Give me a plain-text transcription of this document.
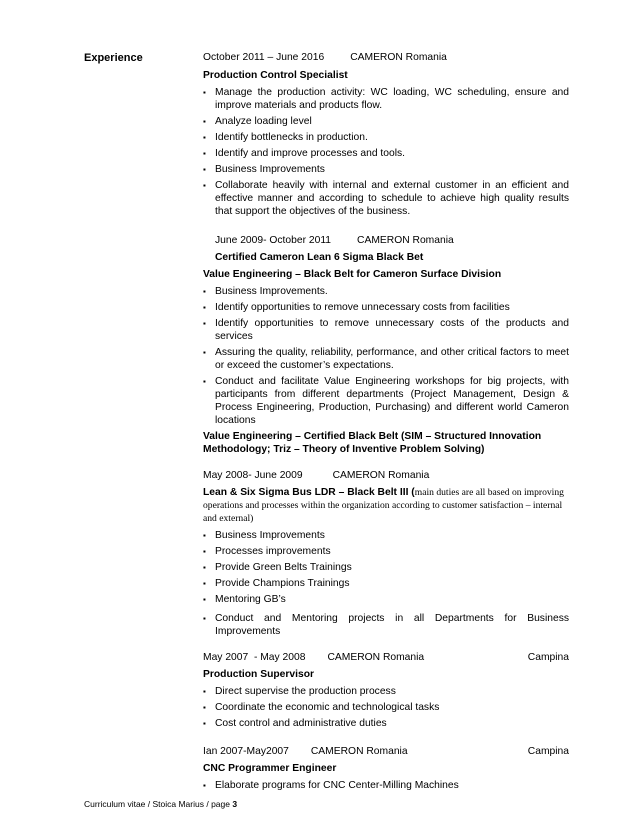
Experience	October 2011 – June 2016	CAMERON Romania
Production Control Specialist
▪ Manage the production activity: WC loading, WC scheduling, ensure and improve materials and products flow.
▪ Analyze loading level
▪ Identify bottlenecks in production.
▪ Identify and improve processes and tools.
▪ Business Improvements
▪ Collaborate heavily with internal and external customer in an efficient and effective manner and according to schedule to achieve high quality results that support the objectives of the business.
June 2009- October 2011	CAMERON Romania
Certified Cameron Lean 6 Sigma Black Bet
Value Engineering – Black Belt for Cameron Surface Division
▪ Business Improvements.
▪ Identify opportunities to remove unnecessary costs from facilities
▪ Identify opportunities to remove unnecessary costs of the products and services
▪ Assuring the quality, reliability, performance, and other critical factors to meet or exceed the customer’s expectations.
▪ Conduct and facilitate Value Engineering workshops for big projects, with participants from different departments (Project Management, Design & Process Engineering, Production, Purchasing) and different world Cameron locations
Value Engineering – Certified Black Belt (SIM – Structured Innovation Methodology; Triz – Theory of Inventive Problem Solving)
May 2008- June 2009	CAMERON Romania
Lean & Six Sigma Bus LDR – Black Belt III (main duties are all based on improving operations and processes within the organization according to customer satisfaction – internal and external)
▪ Business Improvements
▪ Processes improvements
▪ Provide Green Belts Trainings
▪ Provide Champions Trainings
▪ Mentoring GB’s
▪ Conduct and Mentoring projects in all Departments for Business Improvements
May 2007  - May 2008 CAMERON Romania	Campina
Production Supervisor
▪ Direct supervise the production process
▪ Coordinate the economic and technological tasks
▪ Cost control and administrative duties
Ian 2007-May2007 CAMERON Romania	Campina
CNC Programmer Engineer
▪ Elaborate programs for CNC Center-Milling Machines
Curriculum vitae / Stoica Marius / page 3
